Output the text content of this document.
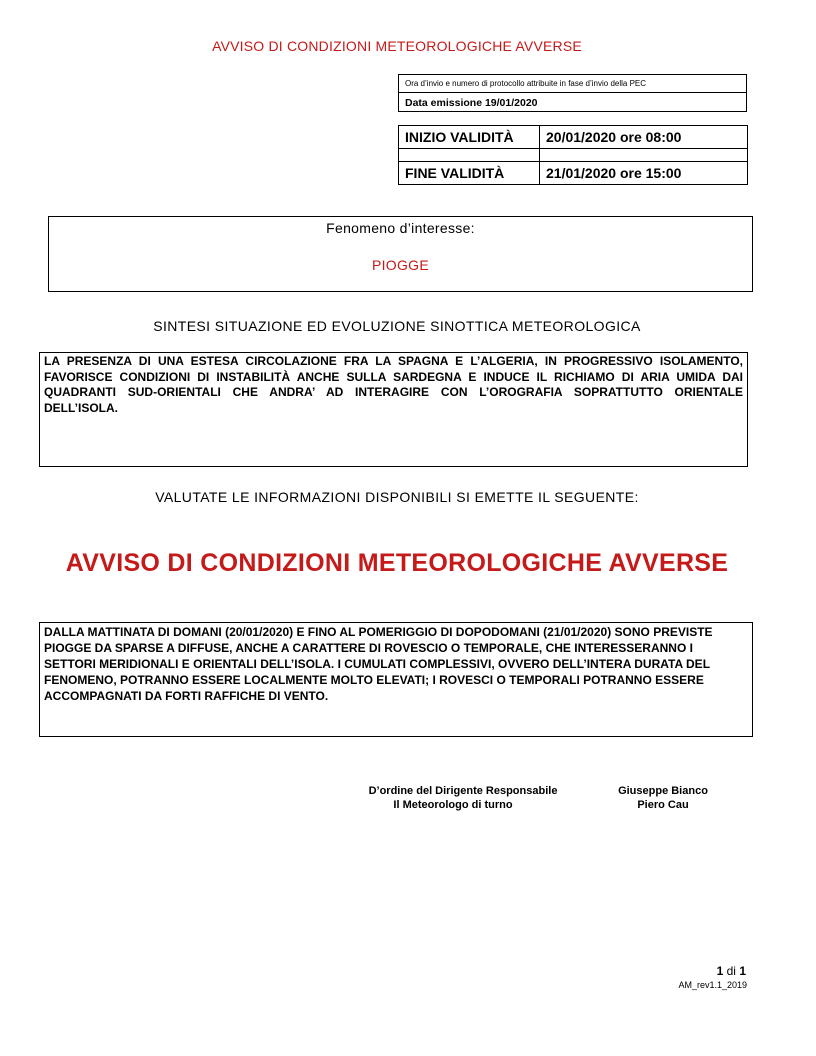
AVVISO DI CONDIZIONI METEOROLOGICHE AVVERSE
Ora d’invio e numero di protocollo attribuite in fase d’invio della PEC
Data emissione 19/01/2020
INIZIO VALIDITÀ	20/01/2020 ore 08:00

FINE VALIDITÀ	21/01/2020 ore 15:00
Fenomeno d’interesse:
PIOGGE
SINTESI SITUAZIONE ED EVOLUZIONE SINOTTICA METEOROLOGICA
LA PRESENZA DI UNA ESTESA CIRCOLAZIONE FRA LA SPAGNA E L’ALGERIA, IN PROGRESSIVO ISOLAMENTO, FAVORISCE CONDIZIONI DI INSTABILITÀ ANCHE SULLA SARDEGNA E INDUCE IL RICHIAMO DI ARIA UMIDA DAI QUADRANTI SUD-ORIENTALI CHE ANDRA’ AD INTERAGIRE CON L’OROGRAFIA SOPRATTUTTO ORIENTALE DELL’ISOLA.
VALUTATE LE INFORMAZIONI DISPONIBILI SI EMETTE IL SEGUENTE:
AVVISO DI CONDIZIONI METEOROLOGICHE AVVERSE
DALLA MATTINATA DI DOMANI (20/01/2020) E FINO AL POMERIGGIO DI DOPODOMANI (21/01/2020) SONO PREVISTE PIOGGE DA SPARSE A DIFFUSE, ANCHE A CARATTERE DI ROVESCIO O TEMPORALE, CHE INTERESSERANNO I SETTORI MERIDIONALI E ORIENTALI DELL’ISOLA. I CUMULATI COMPLESSIVI, OVVERO DELL’INTERA DURATA DEL FENOMENO, POTRANNO ESSERE LOCALMENTE MOLTO ELEVATI; I ROVESCI O TEMPORALI POTRANNO ESSERE ACCOMPAGNATI DA FORTI RAFFICHE DI VENTO.
D’ordine del Dirigente Responsabile	Giuseppe Bianco
Il Meteorologo di turno	Piero Cau
1 di 1
AM_rev1.1_2019
